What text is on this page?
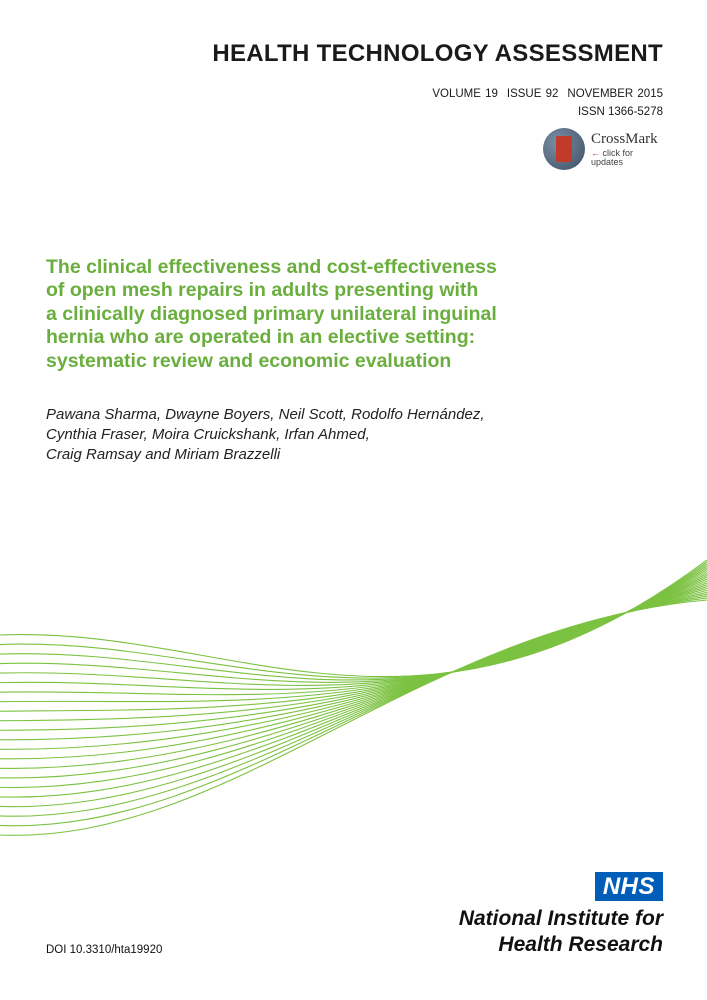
HEALTH TECHNOLOGY ASSESSMENT
VOLUME 19 ISSUE 92 NOVEMBER 2015
ISSN 1366-5278
CrossMark
← click for updates
The clinical effectiveness and cost-effectiveness
of open mesh repairs in adults presenting with
a clinically diagnosed primary unilateral inguinal
hernia who are operated in an elective setting:
systematic review and economic evaluation
Pawana Sharma, Dwayne Boyers, Neil Scott, Rodolfo Hernández,
Cynthia Fraser, Moira Cruickshank, Irfan Ahmed,
Craig Ramsay and Miriam Brazzelli
NHS
National Institute for
Health Research
DOI 10.3310/hta19920
